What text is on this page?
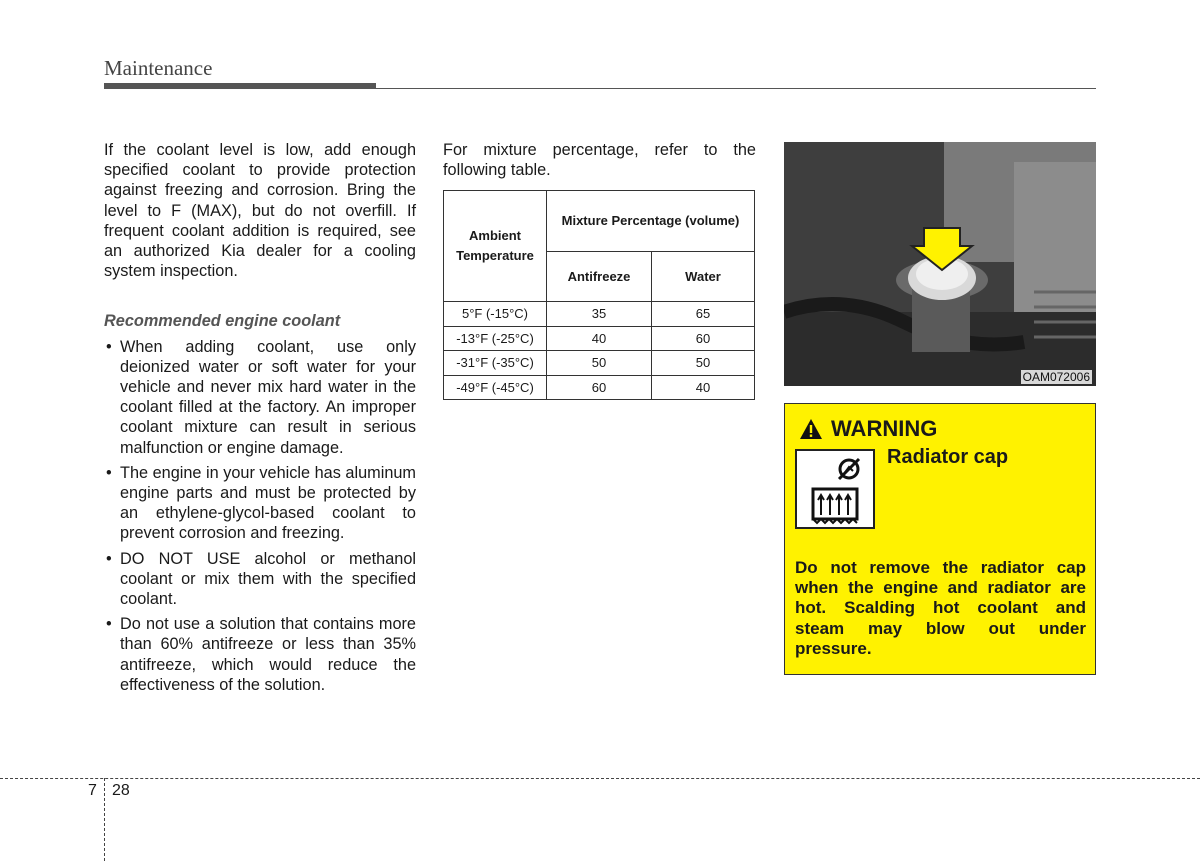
Maintenance

If the coolant level is low, add enough specified coolant to provide protection against freezing and corrosion. Bring the level to F (MAX), but do not overfill. If frequent coolant addition is required, see an authorized Kia dealer for a cooling system inspection.

Recommended engine coolant
• When adding coolant, use only deionized water or soft water for your vehicle and never mix hard water in the coolant filled at the factory. An improper coolant mixture can result in serious malfunction or engine damage.
• The engine in your vehicle has aluminum engine parts and must be protected by an ethylene-glycol-based coolant to prevent corrosion and freezing.
• DO NOT USE alcohol or methanol coolant or mix them with the specified coolant.
• Do not use a solution that contains more than 60% antifreeze or less than 35% antifreeze, which would reduce the effectiveness of the solution.

For mixture percentage, refer to the following table.

Ambient Temperature	Mixture Percentage (volume)	
	Antifreeze	Water
5°F (-15°C)	35	65
-13°F (-25°C)	40	60
-31°F (-35°C)	50	50
-49°F (-45°C)	60	40
OAM072006
WARNING
Radiator cap

Do not remove the radiator cap when the engine and radiator are hot. Scalding hot coolant and steam may blow out under pressure.

7 28
